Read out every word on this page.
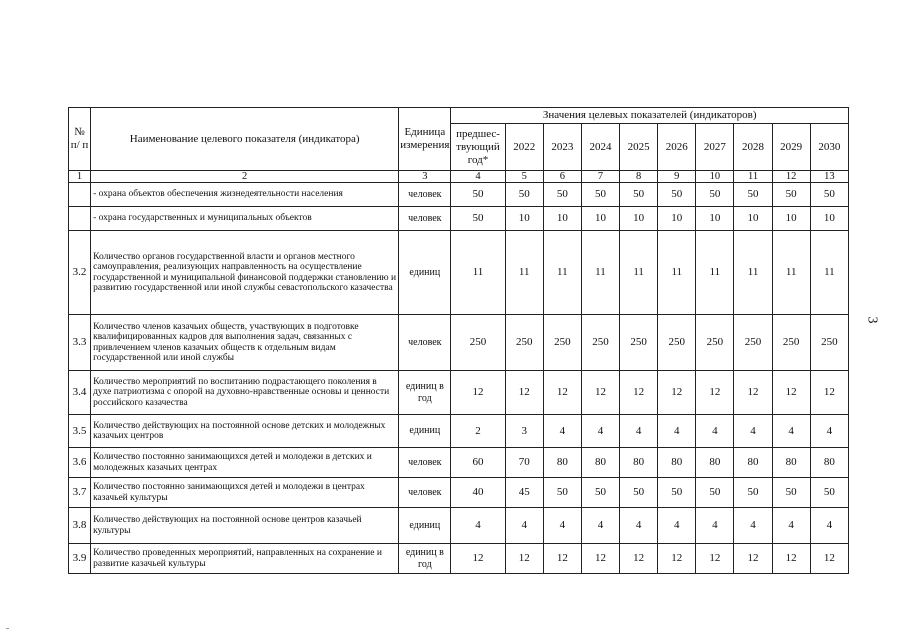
3
№ п/ п	Наименование целевого показателя (индикатора)	Единица измерения	Значения целевых показателей (индикаторов)									
			предшес-твующий год*	2022	2023	2024	2025	2026	2027	2028	2029	2030
1	2	3	4	5	6	7	8	9	10	11	12	13
	- охрана объектов обеспечения жизнедеятельности населения	человек	50	50	50	50	50	50	50	50	50	50
	- охрана государственных и муниципальных объектов	человек	50	10	10	10	10	10	10	10	10	10
3.2	Количество органов государственной власти и органов местного самоуправления, реализующих направленность на осуществление государственной и муниципальной финансовой поддержки становлению и развитию государственной или иной службы севастопольского казачества	единиц	11	11	11	11	11	11	11	11	11	11
3.3	Количество членов казачьих обществ, участвующих в подготовке квалифицированных кадров для выполнения задач, связанных с привлечением членов казачьих обществ к отдельным видам государственной или иной службы	человек	250	250	250	250	250	250	250	250	250	250
3.4	Количество мероприятий по воспитанию подрастающего поколения в духе патриотизма с опорой на духовно-нравственные основы и ценности российского казачества	единиц в год	12	12	12	12	12	12	12	12	12	12
3.5	Количество действующих на постоянной основе детских и молодежных казачьих центров	единиц	2	3	4	4	4	4	4	4	4	4
3.6	Количество постоянно занимающихся детей и молодежи в детских и молодежных казачьих центрах	человек	60	70	80	80	80	80	80	80	80	80
3.7	Количество постоянно занимающихся детей и молодежи в центрах казачьей культуры	человек	40	45	50	50	50	50	50	50	50	50
3.8	Количество действующих на постоянной основе центров казачьей культуры	единиц	4	4	4	4	4	4	4	4	4	4
3.9	Количество проведенных мероприятий, направленных на сохранение и развитие казачьей культуры	единиц в год	12	12	12	12	12	12	12	12	12	12
